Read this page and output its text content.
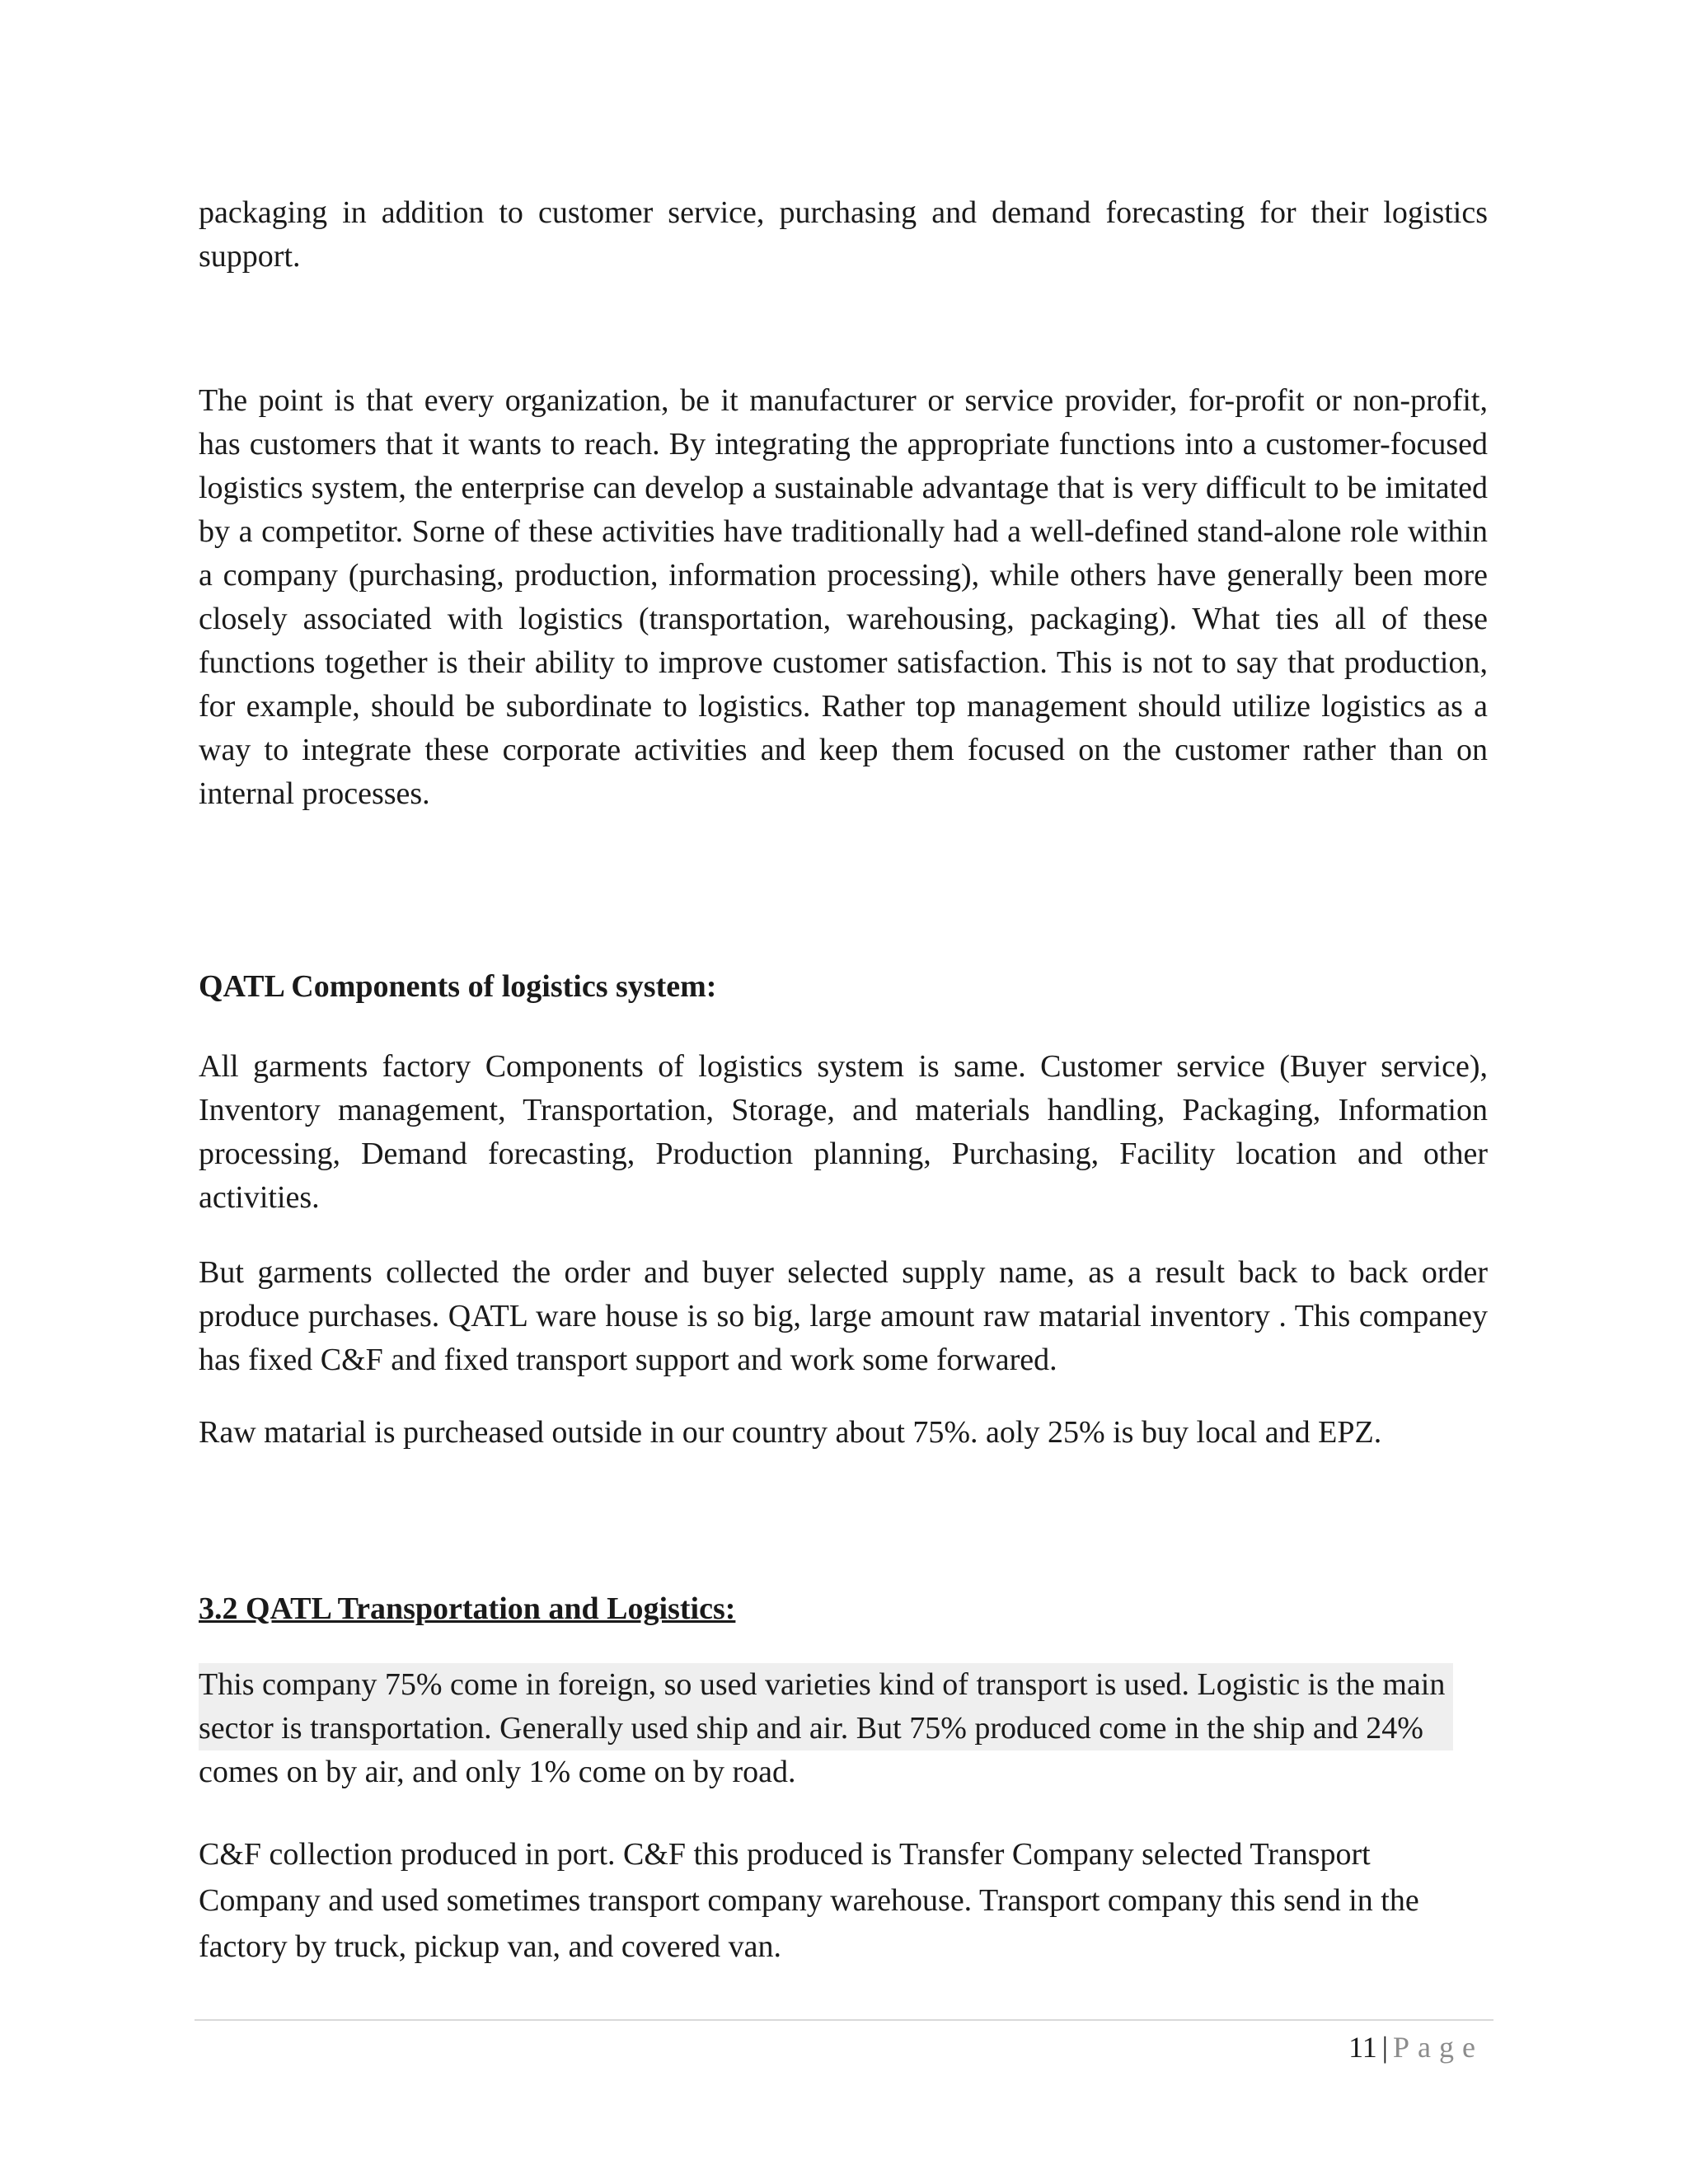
packaging in addition to customer service, purchasing and demand forecasting for their logistics support.

The point is that every organization, be it manufacturer or service provider, for-profit or non-profit, has customers that it wants to reach. By integrating the appropriate functions into a customer-focused logistics system, the enterprise can develop a sustainable advantage that is very difficult to be imitated by a competitor. Sorne of these activities have traditionally had a well-defined stand-alone role within a company (purchasing, production, information processing), while others have generally been more closely associated with logistics (transportation, warehousing, packaging). What ties all of these functions together is their ability to improve customer satisfaction. This is not to say that production, for example, should be subordinate to logistics. Rather top management should utilize logistics as a way to integrate these corporate activities and keep them focused on the customer rather than on internal processes.

QATL Components of logistics system:

All garments factory Components of logistics system is same. Customer service (Buyer service), Inventory management, Transportation, Storage, and materials handling, Packaging, Information processing, Demand forecasting, Production planning, Purchasing, Facility location and other activities.

But garments collected the order and buyer selected supply name, as a result back to back order produce purchases. QATL ware house is so big, large amount raw matarial inventory . This companey has fixed C&F and fixed transport support and work some forwared.

Raw matarial is purcheased outside in our country about 75%. aoly 25% is buy local and EPZ.

3.2 QATL Transportation and Logistics:

This company 75% come in foreign, so used varieties kind of transport is used. Logistic is the main sector is transportation. Generally used ship and air. But 75% produced come in the ship and 24% comes on by air, and only 1% come on by road.

C&F collection produced in port. C&F this produced is Transfer Company selected Transport Company and used sometimes transport company warehouse. Transport company this send in the factory by truck, pickup van, and covered van.

11 | Page
